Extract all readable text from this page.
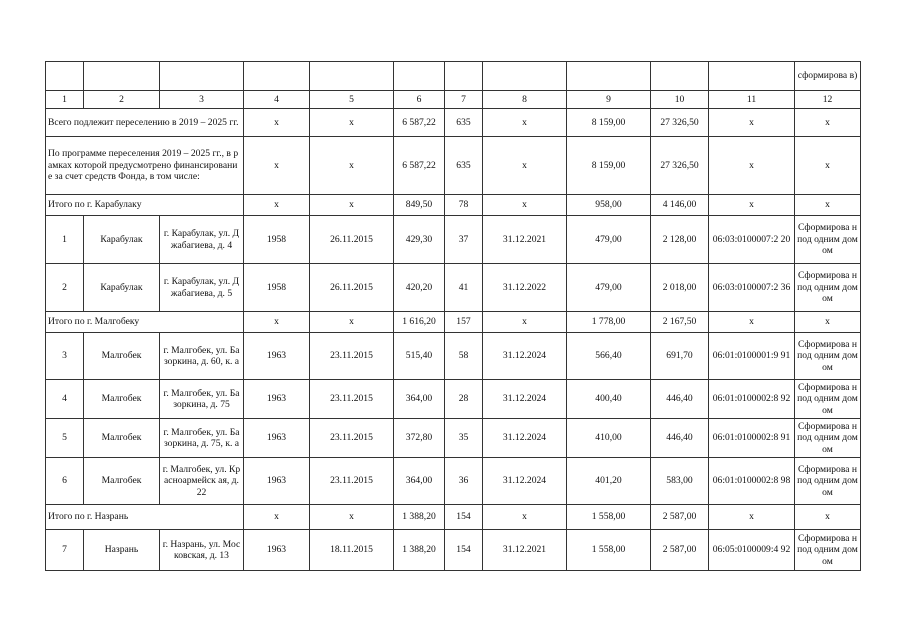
											сформирова в)
1	2	3	4	5	6	7	8	9	10	11	12
Всего подлежит переселению в 2019 – 2025 гг.			x	x	6 587,22	635	x	8 159,00	27 326,50	x	x
По программе переселения 2019 – 2025 гг., в рамках которой предусмотрено финансирование за счет средств Фонда, в том числе:			x	x	6 587,22	635	x	8 159,00	27 326,50	x	x
Итого по г. Карабулаку			x	x	849,50	78	x	958,00	4 146,00	x	x
1	Карабулак	г. Карабулак, ул. Джабагиева, д. 4	1958	26.11.2015	429,30	37	31.12.2021	479,00	2 128,00	06:03:0100007:2 20	Сформирова н под одним домом
2	Карабулак	г. Карабулак, ул. Джабагиева, д. 5	1958	26.11.2015	420,20	41	31.12.2022	479,00	2 018,00	06:03:0100007:2 36	Сформирова н под одним домом
Итого по г. Малгобеку			x	x	1 616,20	157	x	1 778,00	2 167,50	x	x
3	Малгобек	г. Малгобек, ул. Базоркина, д. 60, к. а	1963	23.11.2015	515,40	58	31.12.2024	566,40	691,70	06:01:0100001:9 91	Сформирова н под одним домом
4	Малгобек	г. Малгобек, ул. Базоркина, д. 75	1963	23.11.2015	364,00	28	31.12.2024	400,40	446,40	06:01:0100002:8 92	Сформирова н под одним домом
5	Малгобек	г. Малгобек, ул. Базоркина, д. 75, к. а	1963	23.11.2015	372,80	35	31.12.2024	410,00	446,40	06:01:0100002:8 91	Сформирова н под одним домом
6	Малгобек	г. Малгобек, ул. Красноармейск ая, д. 22	1963	23.11.2015	364,00	36	31.12.2024	401,20	583,00	06:01:0100002:8 98	Сформирова н под одним домом
Итого по г. Назрань			x	x	1 388,20	154	x	1 558,00	2 587,00	x	x
7	Назрань	г. Назрань, ул. Московская, д. 13	1963	18.11.2015	1 388,20	154	31.12.2021	1 558,00	2 587,00	06:05:0100009:4 92	Сформирова н под одним домом
